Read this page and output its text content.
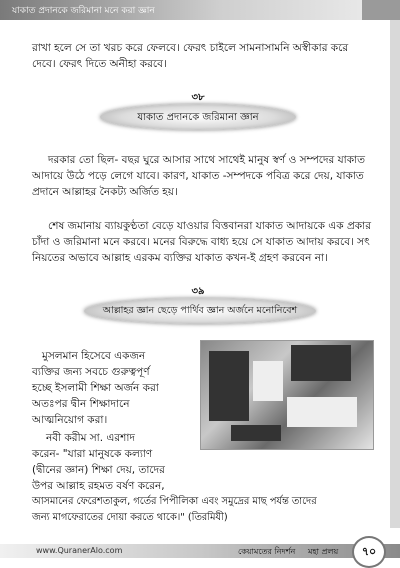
যাকাত প্রদানকে জরিমানা মনে করা জ্ঞান

রাখা হলে সে তা খরচ করে ফেলবে। ফেরৎ চাইলে সামনাসামনি অস্বীকার করে দেবে। ফেরৎ দিতে অনীহা করবে।

৩৮
যাকাত প্রদানকে জরিমানা জ্ঞান

দরকার তো ছিল- বছর ঘুরে আসার সাথে সাথেই মানুষ স্বর্ণ ও সম্পদের যাকাত আদায়ে উঠে পড়ে লেগে যাবে। কারণ, যাকাত -সম্পদকে পবিত্র করে দেয়, যাকাত প্রদানে আল্লাহর নৈকট্য অর্জিত হয়।

শেষ জমানায় ব্যায়কুণ্ঠতা বেড়ে যাওয়ার বিত্তবানরা যাকাত আদায়কে এক প্রকার চাঁদা ও জরিমানা মনে করবে। মনের বিরুদ্ধে বাধ্য হয়ে সে যাকাত আদায় করবে। সৎ নিয়তের অভাবে আল্লাহ এরকম ব্যক্তির যাকাত কখন-ই গ্রহণ করবেন না।

৩৯
আল্লাহর জ্ঞান ছেড়ে পার্থিব জ্ঞান অর্জনে মনোনিবেশ
মুসলমান হিসেবে একজন
ব্যক্তির জন্য সবচে গুরুত্বপূর্ণ
হচ্ছে ইসলামী শিক্ষা অর্জন করা
অতঃপর দ্বীন শিক্ষাদানে
আত্মনিয়োগ করা।
নবী করীম সা. এরশাদ
করেন- "যারা মানুষকে কল্যাণ
(দ্বীনের জ্ঞান) শিক্ষা দেয়, তাদের
উপর আল্লাহ রহমত বর্ষণ করেন,
আসমানের ফেরেশতাকুল, গর্তের পিপীলিকা এবং সমুদ্রের মাছ পর্যন্ত তাদের
জন্য মাগফেরাতের দোয়া করতে থাকে।" (তিরমিযী)
www.QuranerAlo.com	কেয়ামতের নিদর্শন মহা প্রলয়	৭০
